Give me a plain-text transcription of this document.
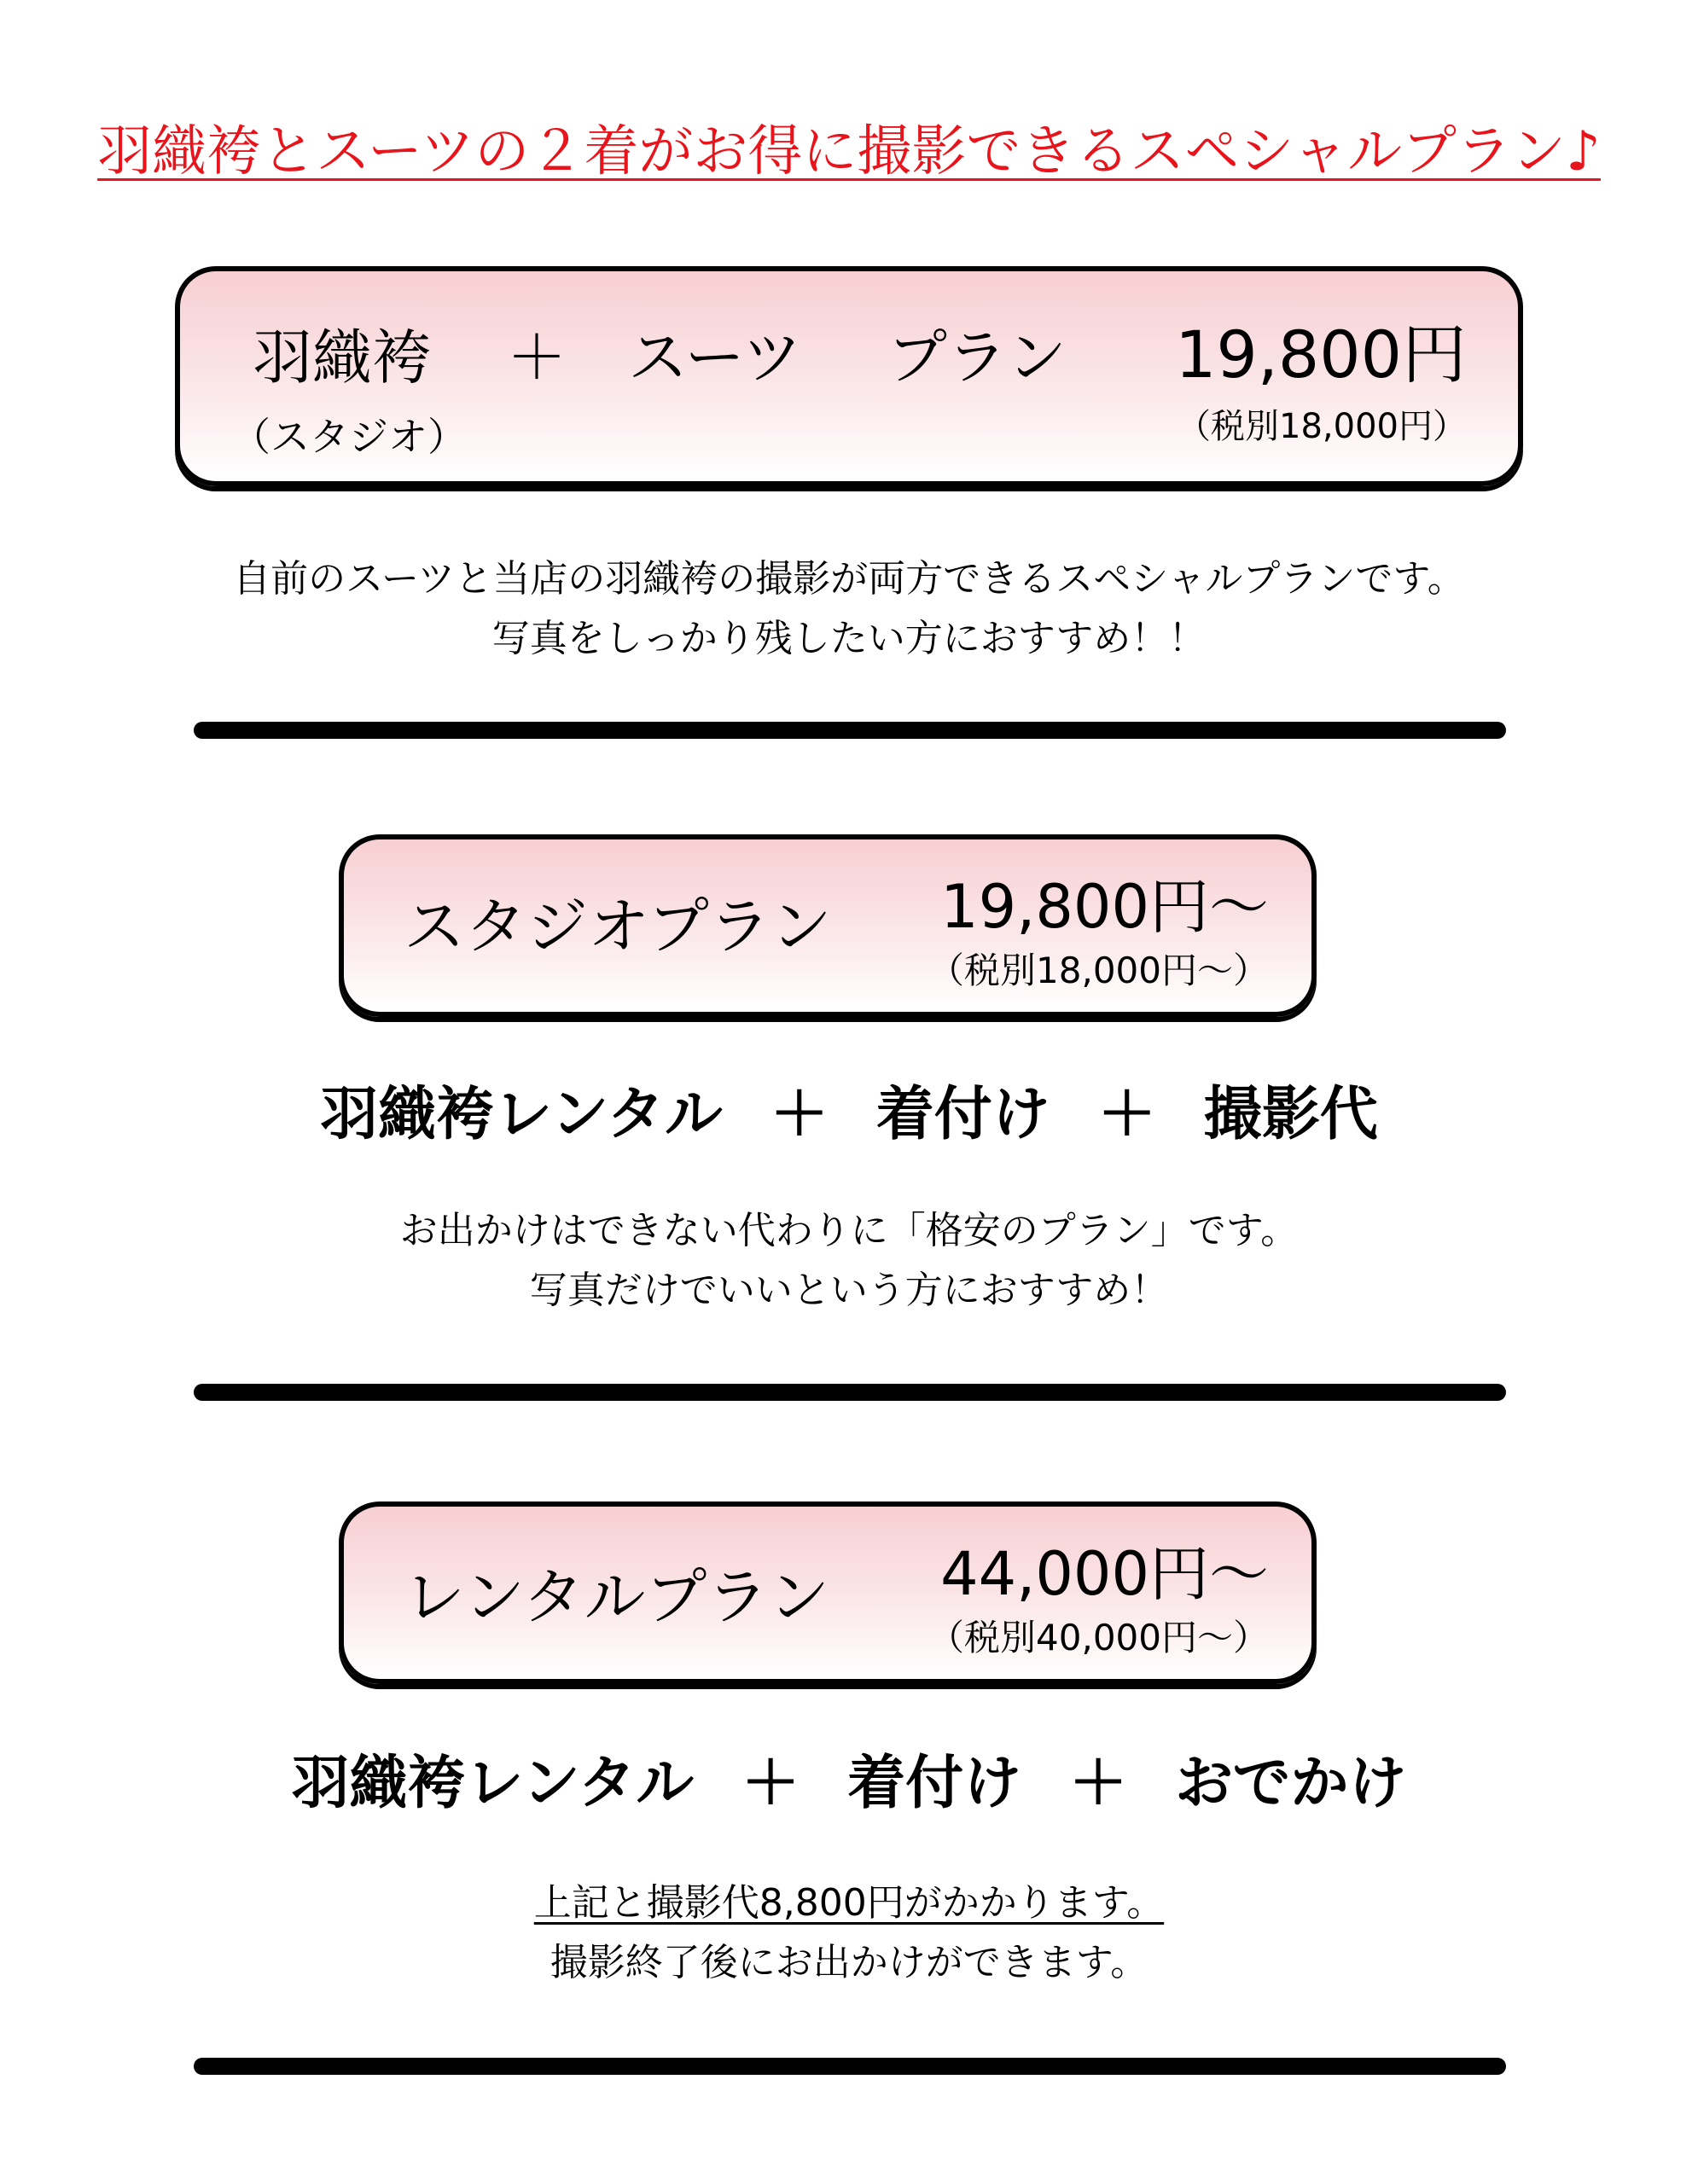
羽織袴とスーツの２着がお得に撮影できるスペシャルプラン♪
羽織袴 ＋ スーツ プラン
（スタジオ）
19,800円
（税別18,000円）
自前のスーツと当店の羽織袴の撮影が両方できるスペシャルプランです。
写真をしっかり残したい方におすすめ！！
スタジオプラン 19,800円～
（税別18,000円～）
羽織袴レンタル ＋ 着付け ＋ 撮影代
お出かけはできない代わりに「格安のプラン」です。
写真だけでいいという方におすすめ！
レンタルプラン 44,000円～
（税別40,000円～）
羽織袴レンタル ＋ 着付け ＋ おでかけ
上記と撮影代8,800円がかかります。
撮影終了後にお出かけができます。
